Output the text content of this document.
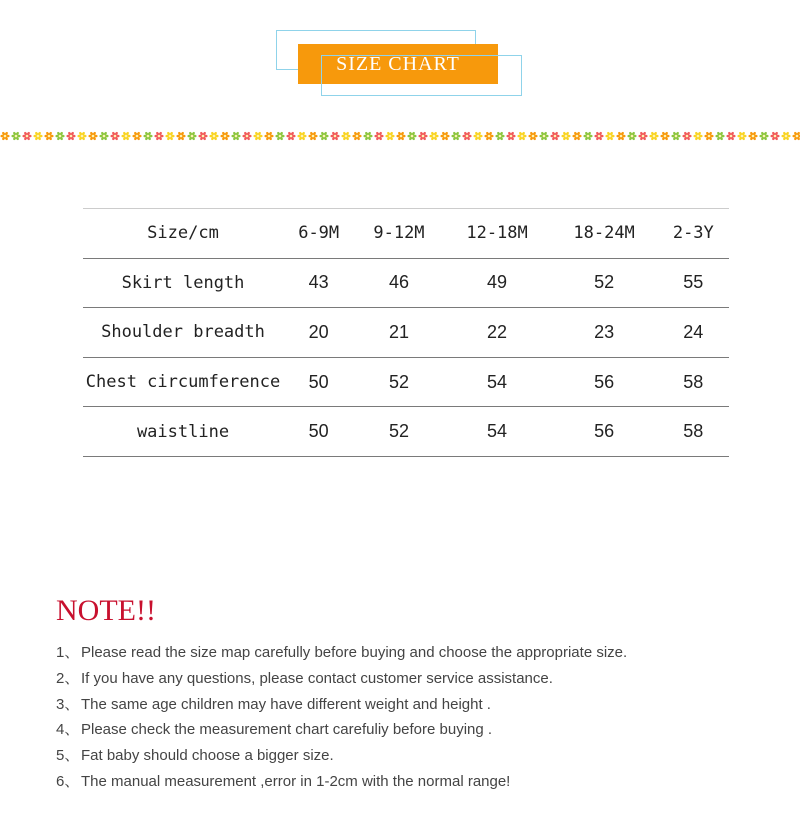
SIZE CHART
Size/cm	6-9M	9-12M	12-18M	18-24M	2-3Y
Skirt length	43	46	49	52	55
Shoulder breadth	20	21	22	23	24
Chest circumference	50	52	54	56	58
waistline	50	52	54	56	58
NOTE!!
1、 Please read the size map carefully before buying and choose the appropriate size.
2、 If you have any questions, please contact customer service assistance.
3、 The same age children may have different weight and height .
4、 Please check the measurement chart carefuliy before buying .
5、 Fat baby should choose a bigger size.
6、 The manual measurement ,error in 1-2cm with the normal range!
